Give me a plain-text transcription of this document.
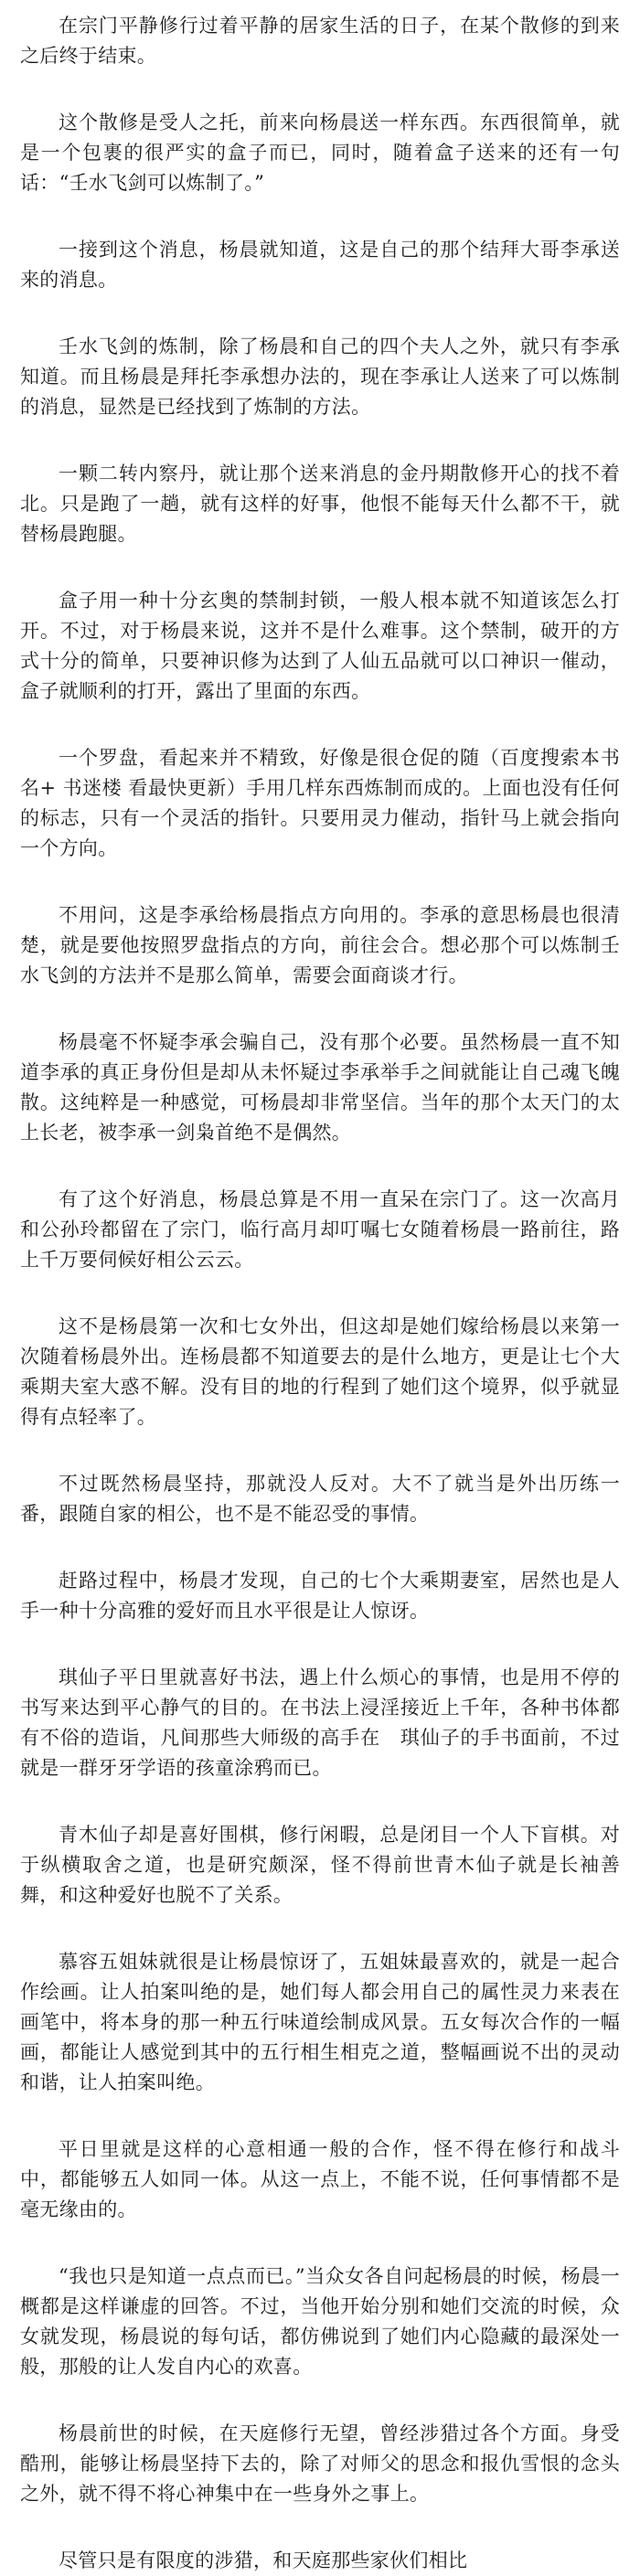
在宗门平静修行过着平静的居家生活的日子，在某个散修的到来之后终于结束。

这个散修是受人之托，前来向杨晨送一样东西。东西很简单，就是一个包裹的很严实的盒子而已，同时，随着盒子送来的还有一句话：“壬水飞剑可以炼制了。”

一接到这个消息，杨晨就知道，这是自己的那个结拜大哥李承送来的消息。

壬水飞剑的炼制，除了杨晨和自己的四个夫人之外，就只有李承知道。而且杨晨是拜托李承想办法的，现在李承让人送来了可以炼制的消息，显然是已经找到了炼制的方法。

一颗二转内察丹，就让那个送来消息的金丹期散修开心的找不着北。只是跑了一趟，就有这样的好事，他恨不能每天什么都不干，就替杨晨跑腿。

盒子用一种十分玄奥的禁制封锁，一般人根本就不知道该怎么打开。不过，对于杨晨来说，这并不是什么难事。这个禁制，破开的方式十分的简单，只要神识修为达到了人仙五品就可以口神识一催动，盒子就顺利的打开，露出了里面的东西。

一个罗盘，看起来并不精致，好像是很仓促的随（百度搜索本书名+ 书迷楼 看最快更新）手用几样东西炼制而成的。上面也没有任何的标志，只有一个灵活的指针。只要用灵力催动，指针马上就会指向一个方向。

不用问，这是李承给杨晨指点方向用的。李承的意思杨晨也很清楚，就是要他按照罗盘指点的方向，前往会合。想必那个可以炼制壬水飞剑的方法并不是那么简单，需要会面商谈才行。

杨晨毫不怀疑李承会骗自己，没有那个必要。虽然杨晨一直不知道李承的真正身份但是却从未怀疑过李承举手之间就能让自己魂飞魄散。这纯粹是一种感觉，可杨晨却非常坚信。当年的那个太天门的太上长老，被李承一剑枭首绝不是偶然。

有了这个好消息，杨晨总算是不用一直呆在宗门了。这一次高月和公孙玲都留在了宗门，临行高月却叮嘱七女随着杨晨一路前往，路上千万要伺候好相公云云。

这不是杨晨第一次和七女外出，但这却是她们嫁给杨晨以来第一次随着杨晨外出。连杨晨都不知道要去的是什么地方，更是让七个大乘期夫室大惑不解。没有目的地的行程到了她们这个境界，似乎就显得有点轻率了。

不过既然杨晨坚持，那就没人反对。大不了就当是外出历练一番，跟随自家的相公，也不是不能忍受的事情。

赶路过程中，杨晨才发现，自己的七个大乘期妻室，居然也是人手一种十分高雅的爱好而且水平很是让人惊讶。

琪仙子平日里就喜好书法，遇上什么烦心的事情，也是用不停的书写来达到平心静气的目的。在书法上浸淫接近上千年，各种书体都有不俗的造诣，凡间那些大师级的高手在　琪仙子的手书面前，不过就是一群牙牙学语的孩童涂鸦而已。

青木仙子却是喜好围棋，修行闲暇，总是闭目一个人下盲棋。对于纵横取舍之道，也是研究颇深，怪不得前世青木仙子就是长袖善舞，和这种爱好也脱不了关系。

慕容五姐妹就很是让杨晨惊讶了，五姐妹最喜欢的，就是一起合作绘画。让人拍案叫绝的是，她们每人都会用自己的属性灵力来表在画笔中，将本身的那一种五行味道绘制成风景。五女每次合作的一幅画，都能让人感觉到其中的五行相生相克之道，整幅画说不出的灵动和谐，让人拍案叫绝。

平日里就是这样的心意相通一般的合作，怪不得在修行和战斗中，都能够五人如同一体。从这一点上，不能不说，任何事情都不是毫无缘由的。

“我也只是知道一点点而已。”当众女各自问起杨晨的时候，杨晨一概都是这样谦虚的回答。不过，当他开始分别和她们交流的时候，众女就发现，杨晨说的每句话，都仿佛说到了她们内心隐藏的最深处一般，那般的让人发自内心的欢喜。

杨晨前世的时候，在天庭修行无望，曾经涉猎过各个方面。身受酷刑，能够让杨晨坚持下去的，除了对师父的思念和报仇雪恨的念头之外，就不得不将心神集中在一些身外之事上。

尽管只是有限度的涉猎，和天庭那些家伙们相比
